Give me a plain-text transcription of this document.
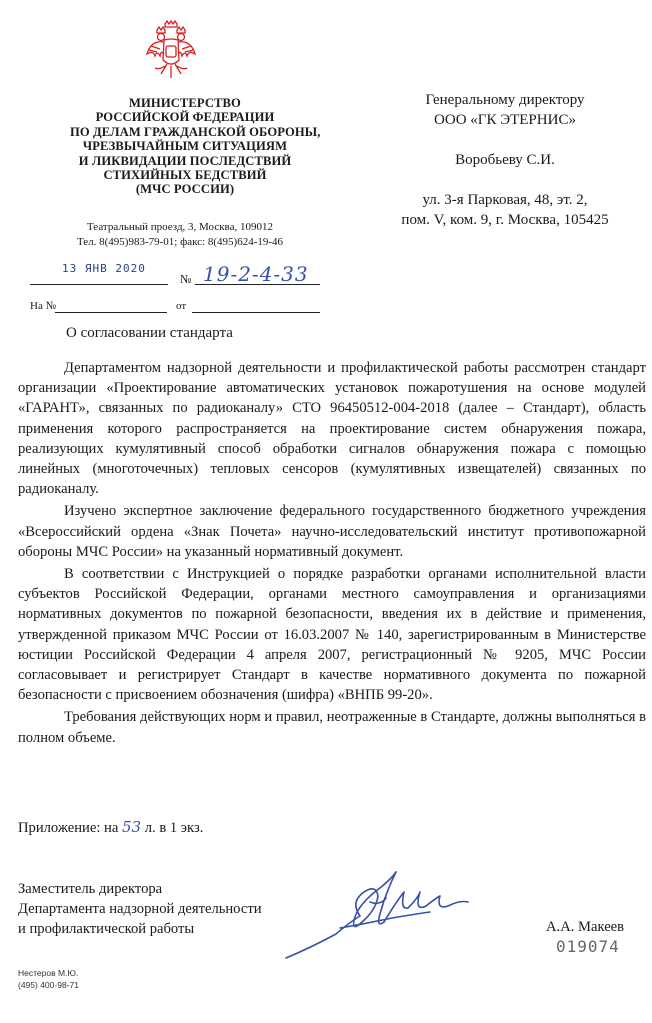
МИНИСТЕРСТВО
РОССИЙСКОЙ ФЕДЕРАЦИИ
ПО ДЕЛАМ ГРАЖДАНСКОЙ ОБОРОНЫ,
ЧРЕЗВЫЧАЙНЫМ СИТУАЦИЯМ
И ЛИКВИДАЦИИ ПОСЛЕДСТВИЙ
СТИХИЙНЫХ БЕДСТВИЙ
(МЧС РОССИИ)
Театральный проезд, 3, Москва, 109012
Тел. 8(495)983-79-01; факс: 8(495)624-19-46
13 ЯНВ 2020
№ 19-2-4-33
На №	от
О согласовании стандарта
Генеральному директору
ООО «ГК ЭТЕРНИС»
Воробьеву С.И.
ул. 3-я Парковая, 48, эт. 2,
пом. V, ком. 9, г. Москва, 105425

Департаментом надзорной деятельности и профилактической работы рассмотрен стандарт организации «Проектирование автоматических установок пожаротушения на основе модулей «ГАРАНТ», связанных по радиоканалу» СТО 96450512-004-2018 (далее – Стандарт), область применения которого распространяется на проектирование систем обнаружения пожара, реализующих кумулятивный способ обработки сигналов обнаружения пожара с помощью линейных (многоточечных) тепловых сенсоров (кумулятивных извещателей) связанных по радиоканалу.

Изучено экспертное заключение федерального государственного бюджетного учреждения «Всероссийский ордена «Знак Почета» научно-исследовательский институт противопожарной обороны МЧС России» на указанный нормативный документ.

В соответствии с Инструкцией о порядке разработки органами исполнительной власти субъектов Российской Федерации, органами местного самоуправления и организациями нормативных документов по пожарной безопасности, введения их в действие и применения, утвержденной приказом МЧС России от 16.03.2007 № 140, зарегистрированным в Министерстве юстиции Российской Федерации 4 апреля 2007, регистрационный № 9205, МЧС России согласовывает и регистрирует Стандарт в качестве нормативного документа по пожарной безопасности с присвоением обозначения (шифра) «ВНПБ 99-20».

Требования действующих норм и правил, неотраженные в Стандарте, должны выполняться в полном объеме.

Приложение: на 53 л. в 1 экз.
Заместитель директора
Департамента надзорной деятельности
и профилактической работы	А.А. Макеев
019074
Нестеров М.Ю.
(495) 400-98-71
